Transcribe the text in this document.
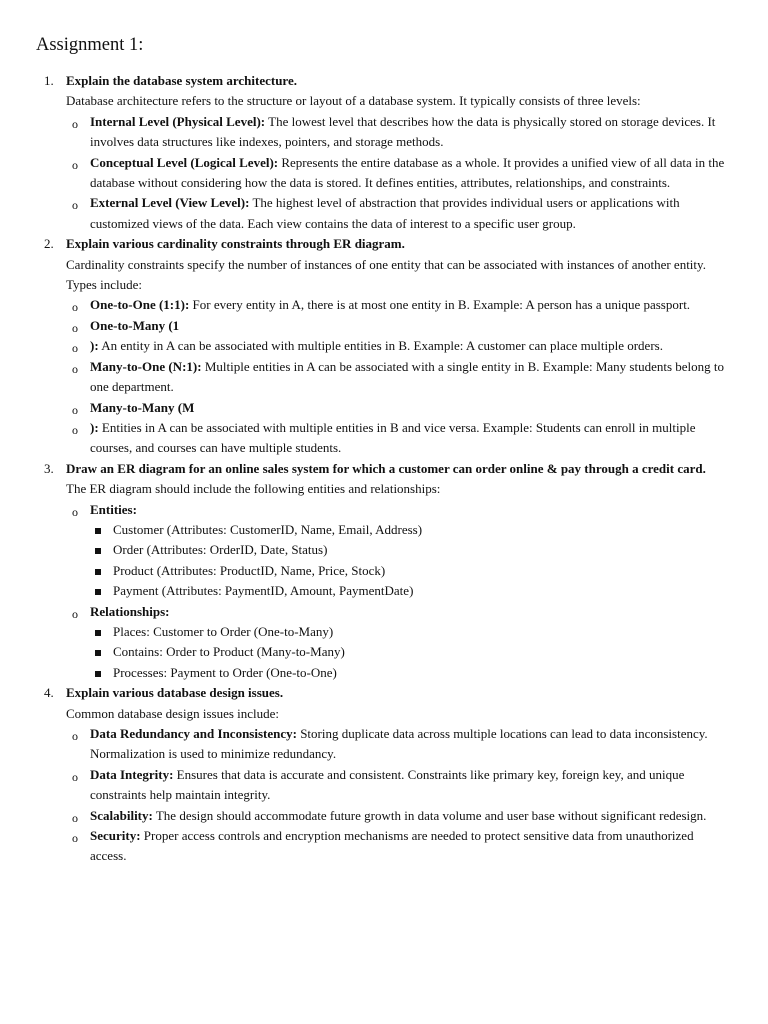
Assignment 1:
1. Explain the database system architecture.
Database architecture refers to the structure or layout of a database system. It typically consists of three levels:
o Internal Level (Physical Level): The lowest level that describes how the data is physically stored on storage devices. It involves data structures like indexes, pointers, and storage methods.
o Conceptual Level (Logical Level): Represents the entire database as a whole. It provides a unified view of all data in the database without considering how the data is stored. It defines entities, attributes, relationships, and constraints.
o External Level (View Level): The highest level of abstraction that provides individual users or applications with customized views of the data. Each view contains the data of interest to a specific user group.
2. Explain various cardinality constraints through ER diagram.
Cardinality constraints specify the number of instances of one entity that can be associated with instances of another entity. Types include:
o One-to-One (1:1): For every entity in A, there is at most one entity in B. Example: A person has a unique passport.
o One-to-Many (1
o ): An entity in A can be associated with multiple entities in B. Example: A customer can place multiple orders.
o Many-to-One (N:1): Multiple entities in A can be associated with a single entity in B. Example: Many students belong to one department.
o Many-to-Many (M
o ): Entities in A can be associated with multiple entities in B and vice versa. Example: Students can enroll in multiple courses, and courses can have multiple students.
3. Draw an ER diagram for an online sales system for which a customer can order online & pay through a credit card.
The ER diagram should include the following entities and relationships:
o Entities:
Customer (Attributes: CustomerID, Name, Email, Address)
Order (Attributes: OrderID, Date, Status)
Product (Attributes: ProductID, Name, Price, Stock)
Payment (Attributes: PaymentID, Amount, PaymentDate)
o Relationships:
Places: Customer to Order (One-to-Many)
Contains: Order to Product (Many-to-Many)
Processes: Payment to Order (One-to-One)
4. Explain various database design issues.
Common database design issues include:
o Data Redundancy and Inconsistency: Storing duplicate data across multiple locations can lead to data inconsistency. Normalization is used to minimize redundancy.
o Data Integrity: Ensures that data is accurate and consistent. Constraints like primary key, foreign key, and unique constraints help maintain integrity.
o Scalability: The design should accommodate future growth in data volume and user base without significant redesign.
o Security: Proper access controls and encryption mechanisms are needed to protect sensitive data from unauthorized access.
